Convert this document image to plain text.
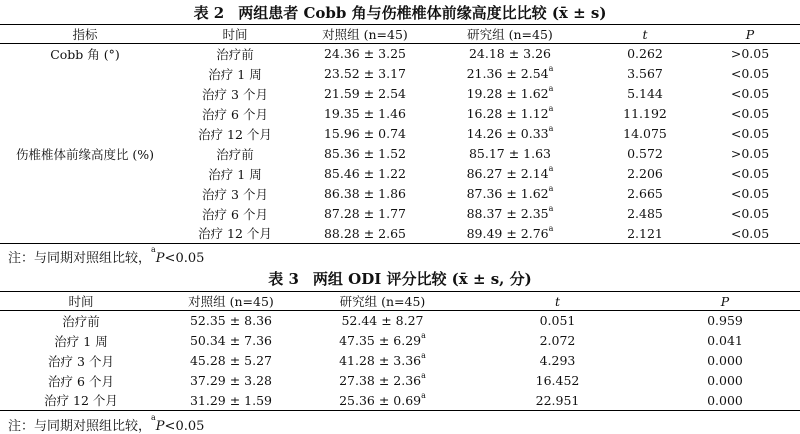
表 2 两组患者 Cobb 角与伤椎椎体前缘高度比比较 (x̄ ± s)
指标	时间	对照组 (n=45)	研究组 (n=45)	t	P
Cobb 角 (°)	治疗前	24.36 ± 3.25	24.18 ± 3.26	0.262	>0.05
	治疗 1 周	23.52 ± 3.17	21.36 ± 2.54$^a$	3.567	<0.05
	治疗 3 个月	21.59 ± 2.54	19.28 ± 1.62$^a$	5.144	<0.05
	治疗 6 个月	19.35 ± 1.46	16.28 ± 1.12$^a$	11.192	<0.05
	治疗 12 个月	15.96 ± 0.74	14.26 ± 0.33$^a$	14.075	<0.05
伤椎椎体前缘高度比 (%)	治疗前	85.36 ± 1.52	85.17 ± 1.63	0.572	>0.05
	治疗 1 周	85.46 ± 1.22	86.27 ± 2.14$^a$	2.206	<0.05
	治疗 3 个月	86.38 ± 1.86	87.36 ± 1.62$^a$	2.665	<0.05
	治疗 6 个月	87.28 ± 1.77	88.37 ± 2.35$^a$	2.485	<0.05
	治疗 12 个月	88.28 ± 2.65	89.49 ± 2.76$^a$	2.121	<0.05
注：与同期对照组比较，$^a$P<0.05
表 3 两组 ODI 评分比较 (x̄ ± s, 分)
时间	对照组 (n=45)	研究组 (n=45)	t	P
治疗前	52.35 ± 8.36	52.44 ± 8.27	0.051	0.959
治疗 1 周	50.34 ± 7.36	47.35 ± 6.29$^a$	2.072	0.041
治疗 3 个月	45.28 ± 5.27	41.28 ± 3.36$^a$	4.293	0.000
治疗 6 个月	37.29 ± 3.28	27.38 ± 2.36$^a$	16.452	0.000
治疗 12 个月	31.29 ± 1.59	25.36 ± 0.69$^a$	22.951	0.000
注：与同期对照组比较，$^a$P<0.05
